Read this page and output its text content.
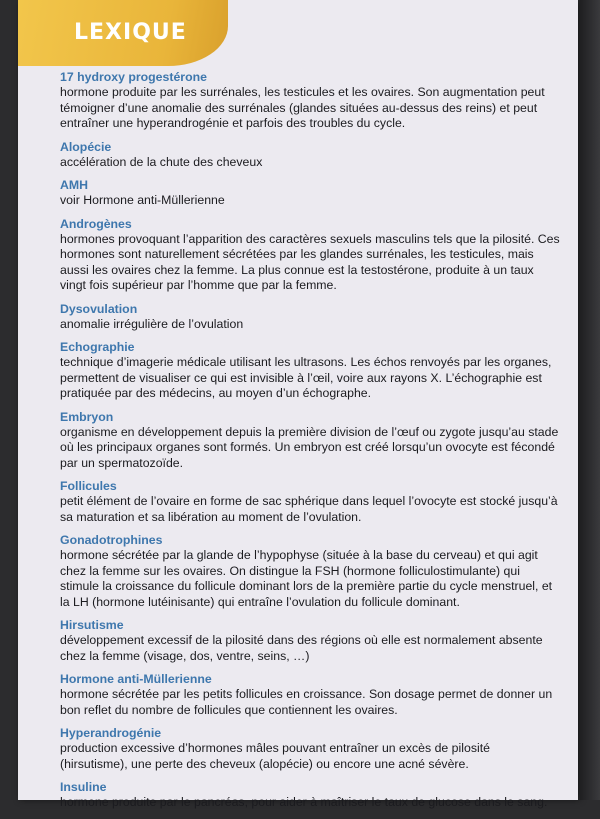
LEXIQUE
17 hydroxy progestérone
hormone produite par les surrénales, les testicules et les ovaires. Son augmentation peut témoigner d’une anomalie des surrénales (glandes situées au-dessus des reins) et peut entraîner une hyperandrogénie et parfois des troubles du cycle.
Alopécie
accélération de la chute des cheveux
AMH
voir Hormone anti-Müllerienne
Androgènes
hormones provoquant l’apparition des caractères sexuels masculins tels que la pilosité. Ces hormones sont naturellement sécrétées par les glandes surrénales, les testicules, mais aussi les ovaires chez la femme. La plus connue est la testostérone, produite à un taux vingt fois supérieur par l’homme que par la femme.
Dysovulation
anomalie irrégulière de l’ovulation
Echographie
technique d’imagerie médicale utilisant les ultrasons. Les échos renvoyés par les organes, permettent de visualiser ce qui est invisible à l’œil, voire aux rayons X. L’échographie est pratiquée par des médecins, au moyen d’un échographe.
Embryon
organisme en développement depuis la première division de l’œuf ou zygote jusqu’au stade où les principaux organes sont formés. Un embryon est créé lorsqu’un ovocyte est fécondé par un spermatozoïde.
Follicules
petit élément de l’ovaire en forme de sac sphérique dans lequel l’ovocyte est stocké jusqu’à sa maturation et sa libération au moment de l’ovulation.
Gonadotrophines
hormone sécrétée par la glande de l’hypophyse (située à la base du cerveau) et qui agit chez la femme sur les ovaires. On distingue la FSH (hormone folliculostimulante) qui stimule la croissance du follicule dominant lors de la première partie du cycle menstruel, et la LH (hormone lutéinisante) qui entraîne l’ovulation du follicule dominant.
Hirsutisme
développement excessif de la pilosité dans des régions où elle est normalement absente chez la femme (visage, dos, ventre, seins, …)
Hormone anti-Müllerienne
hormone sécrétée par les petits follicules en croissance. Son dosage permet de donner un bon reflet du nombre de follicules que contiennent les ovaires.
Hyperandrogénie
production excessive d’hormones mâles pouvant entraîner un excès de pilosité (hirsutisme), une perte des cheveux (alopécie) ou encore une acné sévère.
Insuline
hormone produite par le pancréas, pour aider à maîtriser le taux de glucose dans le sang.
